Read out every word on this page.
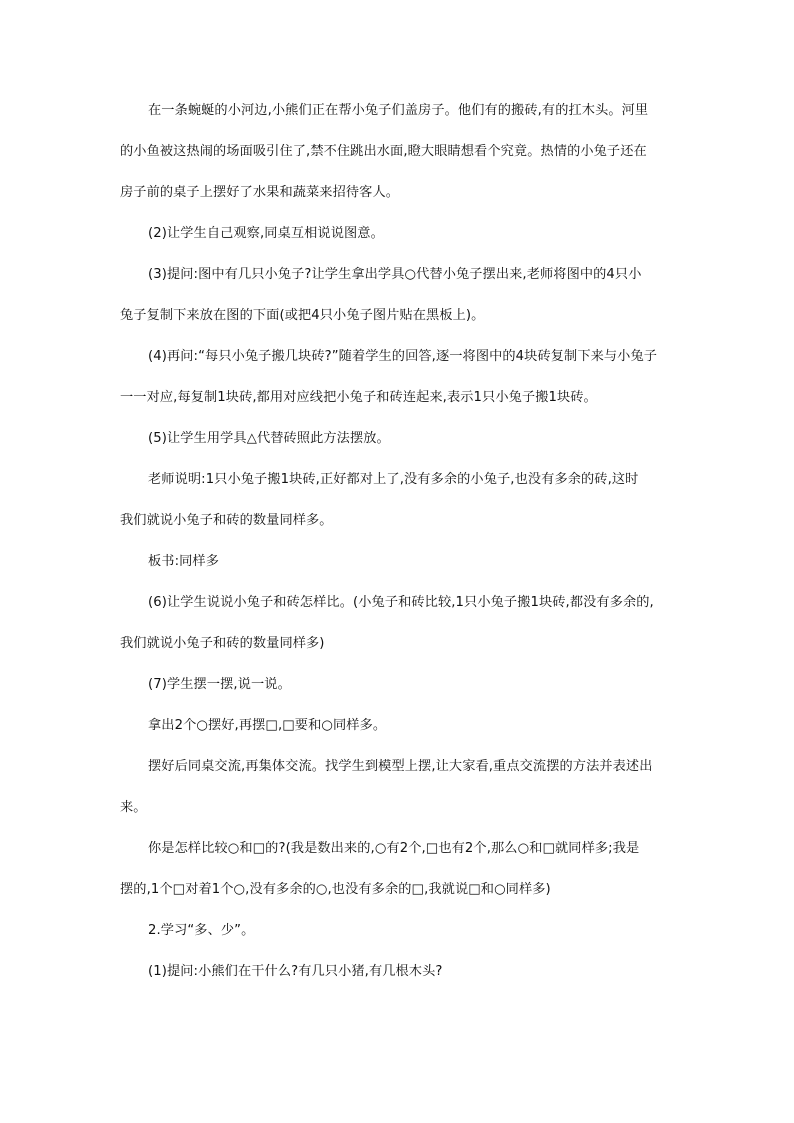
在一条蜿蜒的小河边,小熊们正在帮小兔子们盖房子。他们有的搬砖,有的扛木头。河里
的小鱼被这热闹的场面吸引住了,禁不住跳出水面,瞪大眼睛想看个究竟。热情的小兔子还在
房子前的桌子上摆好了水果和蔬菜来招待客人。
(2)让学生自己观察,同桌互相说说图意。
(3)提问:图中有几只小兔子?让学生拿出学具○代替小兔子摆出来,老师将图中的4只小
兔子复制下来放在图的下面(或把4只小兔子图片贴在黑板上)。
(4)再问:“每只小兔子搬几块砖?”随着学生的回答,逐一将图中的4块砖复制下来与小兔子
一一对应,每复制1块砖,都用对应线把小兔子和砖连起来,表示1只小兔子搬1块砖。
(5)让学生用学具△代替砖照此方法摆放。
老师说明:1只小兔子搬1块砖,正好都对上了,没有多余的小兔子,也没有多余的砖,这时
我们就说小兔子和砖的数量同样多。
板书:同样多
(6)让学生说说小兔子和砖怎样比。(小兔子和砖比较,1只小兔子搬1块砖,都没有多余的,
我们就说小兔子和砖的数量同样多)
(7)学生摆一摆,说一说。
拿出2个○摆好,再摆□,□要和○同样多。
摆好后同桌交流,再集体交流。找学生到模型上摆,让大家看,重点交流摆的方法并表述出
来。
你是怎样比较○和□的?(我是数出来的,○有2个,□也有2个,那么○和□就同样多;我是
摆的,1个□对着1个○,没有多余的○,也没有多余的□,我就说□和○同样多)
2.学习“多、少”。
(1)提问:小熊们在干什么?有几只小猪,有几根木头?
